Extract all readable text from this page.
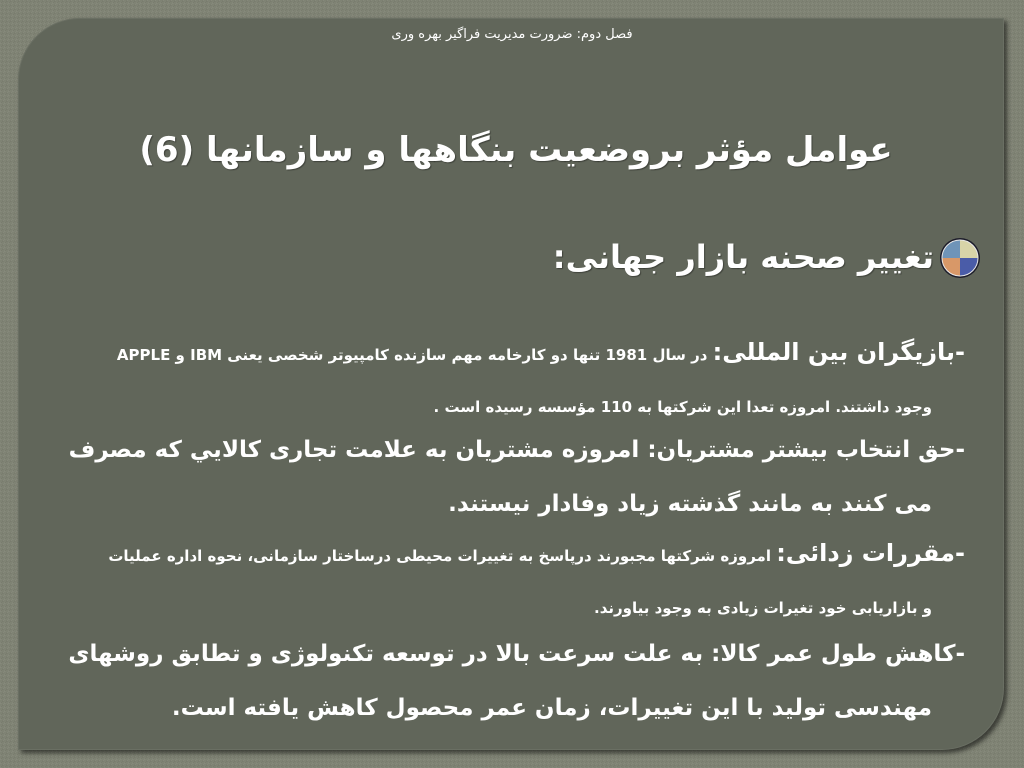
فصل دوم: ضرورت مدیریت فراگیر بهره وری
عوامل مؤثر بروضعیت بنگاهها و سازمانها (6)
تغییر صحنه بازار جهانی:
-بازیگران بین المللی: در سال 1981 تنها دو کارخامه مهم سازنده کامپیوتر شخصی یعنی IBM و APPLE
وجود داشتند. امروزه تعدا این شرکتها به 110 مؤسسه رسیده است .
-حق انتخاب بیشتر مشتریان: امروزه مشتریان به علامت تجاری کالايي که مصرف
می کنند به مانند گذشته زیاد وفادار نیستند.
-مقررات زدائی: امروزه شرکتها مجبورند درپاسخ به تغییرات محیطی درساختار سازمانی، نحوه اداره عملیات
و بازاریابی خود تغیرات زیادی به وجود بیاورند.
-کاهش طول عمر کالا: به علت سرعت بالا در توسعه تکنولوژی و تطابق روشهای
مهندسی تولید با این تغییرات، زمان عمر محصول کاهش یافته است.
